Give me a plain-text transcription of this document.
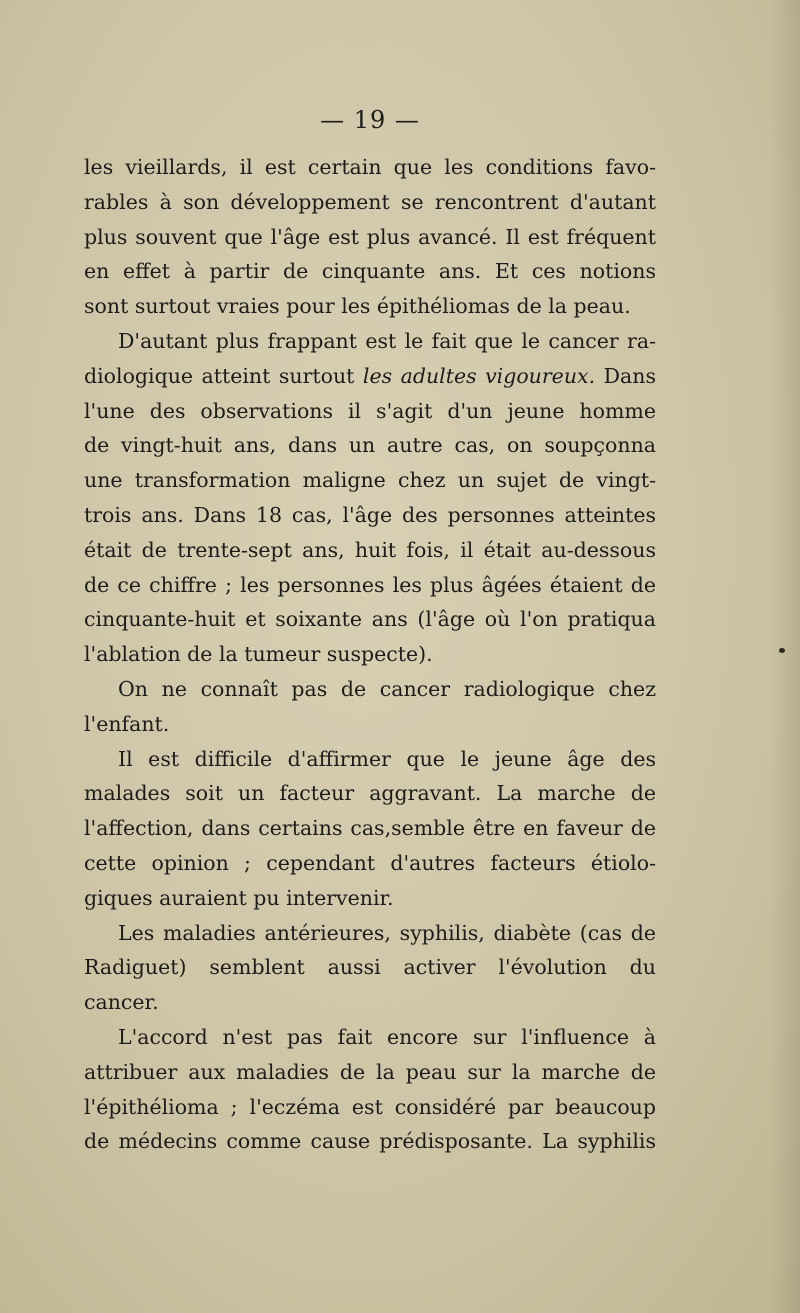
— 19 —
les vieillards, il est certain que les conditions favo-
rables à son développement se rencontrent d'autant
plus souvent que l'âge est plus avancé. Il est fréquent
en effet à partir de cinquante ans. Et ces notions
sont surtout vraies pour les épithéliomas de la peau.
D'autant plus frappant est le fait que le cancer ra-
diologique atteint surtout les adultes vigoureux. Dans
l'une des observations il s'agit d'un jeune homme
de vingt-huit ans, dans un autre cas, on soupçonna
une transformation maligne chez un sujet de vingt-
trois ans. Dans 18 cas, l'âge des personnes atteintes
était de trente-sept ans, huit fois, il était au-dessous
de ce chiffre ; les personnes les plus âgées étaient de
cinquante-huit et soixante ans (l'âge où l'on pratiqua
l'ablation de la tumeur suspecte).
On ne connaît pas de cancer radiologique chez
l'enfant.
Il est difficile d'affirmer que le jeune âge des
malades soit un facteur aggravant. La marche de
l'affection, dans certains cas,semble être en faveur de
cette opinion ; cependant d'autres facteurs étiolo-
giques auraient pu intervenir.
Les maladies antérieures, syphilis, diabète (cas de
Radiguet) semblent aussi activer l'évolution du
cancer.
L'accord n'est pas fait encore sur l'influence à
attribuer aux maladies de la peau sur la marche de
l'épithélioma ; l'eczéma est considéré par beaucoup
de médecins comme cause prédisposante. La syphilis
